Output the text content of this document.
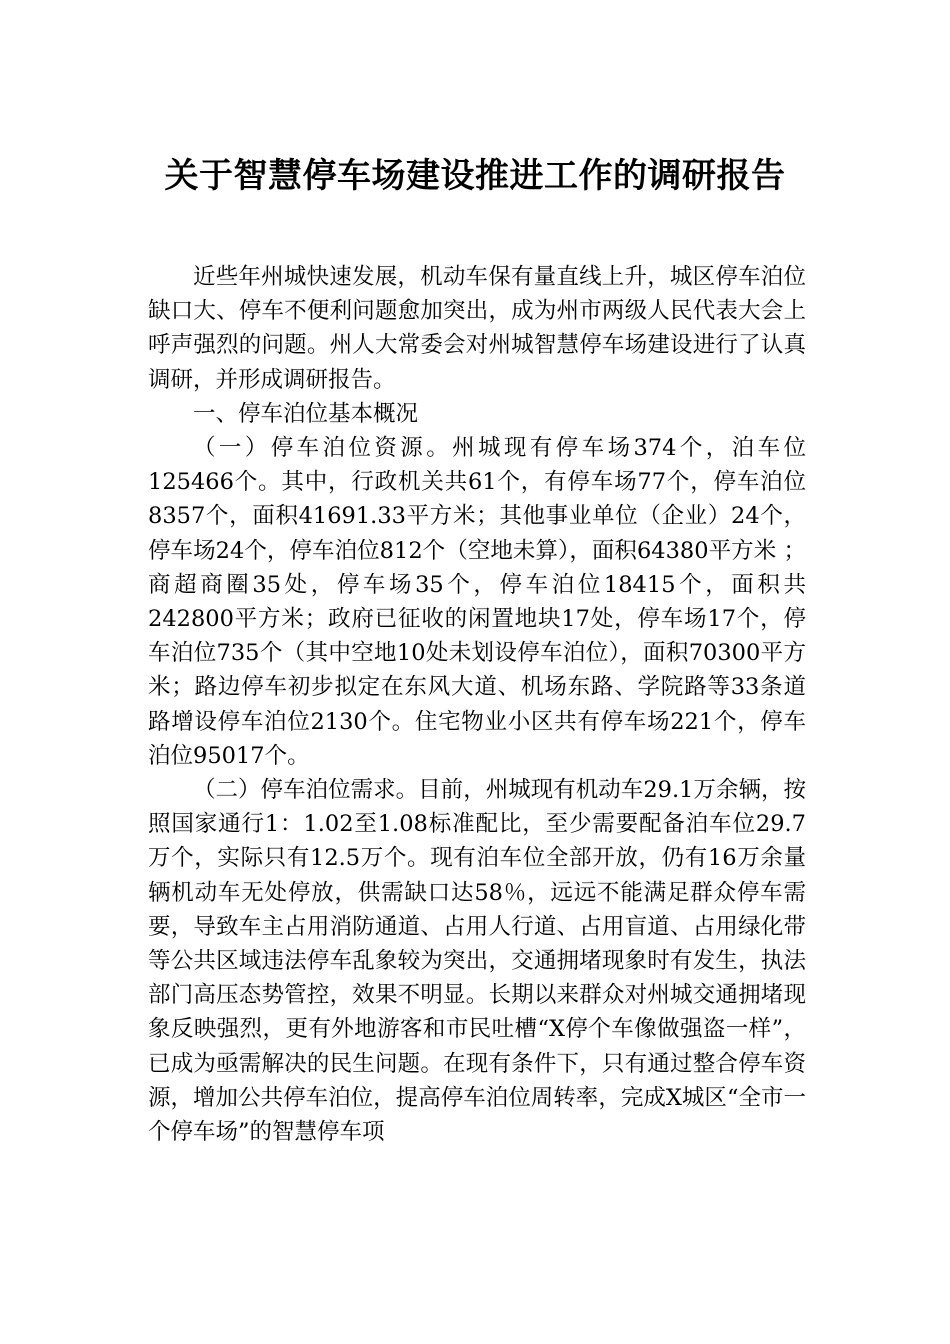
关于智慧停车场建设推进工作的调研报告

近些年州城快速发展，机动车保有量直线上升，城区停车泊位缺口大、停车不便利问题愈加突出，成为州市两级人民代表大会上呼声强烈的问题。州人大常委会对州城智慧停车场建设进行了认真调研，并形成调研报告。

一、停车泊位基本概况

（一）停车泊位资源。州城现有停车场374个，泊车位125466个。其中，行政机关共61个，有停车场77个，停车泊位8357个，面积41691.33平方米；其他事业单位（企业）24个，停车场24个，停车泊位812个（空地未算），面积64380平方米 ；商超商圈35处，停车场35个，停车泊位18415个，面积共242800平方米；政府已征收的闲置地块17处，停车场17个，停车泊位735个（其中空地10处未划设停车泊位），面积70300平方米；路边停车初步拟定在东风大道、机场东路、学院路等33条道路增设停车泊位2130个。住宅物业小区共有停车场221个，停车泊位95017个。

（二）停车泊位需求。目前，州城现有机动车29.1万余辆，按照国家通行1：1.02至1.08标准配比，至少需要配备泊车位29.7万个，实际只有12.5万个。现有泊车位全部开放，仍有16万余量辆机动车无处停放，供需缺口达58％，远远不能满足群众停车需要，导致车主占用消防通道、占用人行道、占用盲道、占用绿化带等公共区域违法停车乱象较为突出，交通拥堵现象时有发生，执法部门高压态势管控，效果不明显。长期以来群众对州城交通拥堵现象反映强烈，更有外地游客和市民吐槽“X停个车像做强盗一样”，已成为亟需解决的民生问题。在现有条件下，只有通过整合停车资源，增加公共停车泊位，提高停车泊位周转率，完成X城区“全市一个停车场”的智慧停车项
